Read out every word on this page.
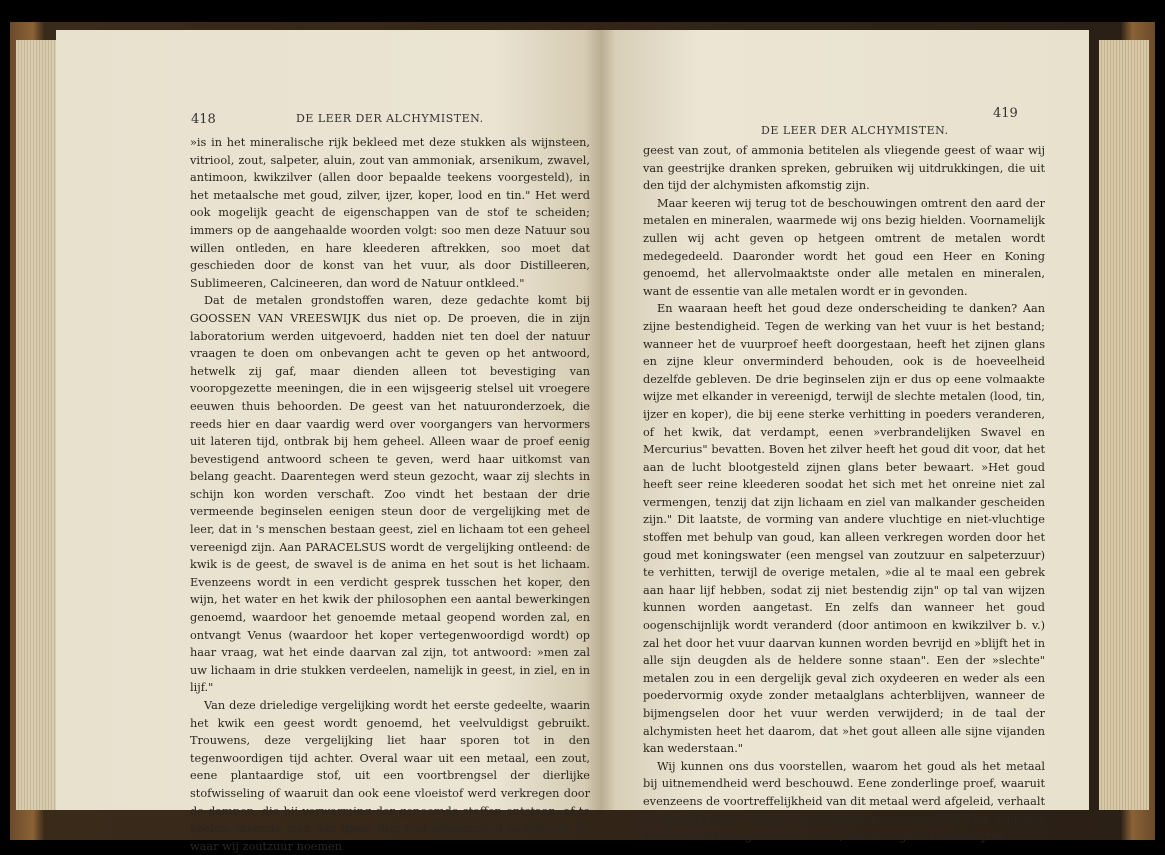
418	DE LEER DER ALCHYMISTEN.

»is in het mineralische rijk bekleed met deze stukken als wijnsteen, vitriool, zout, salpeter, aluin, zout van ammoniak, arsenikum, zwavel, antimoon, kwikzilver (allen door bepaalde teekens voorgesteld), in het metaalsche met goud, zilver, ijzer, koper, lood en tin." Het werd ook mogelijk geacht de eigenschappen van de stof te scheiden; immers op de aangehaalde woorden volgt: soo men deze Natuur sou willen ontleden, en hare kleederen aftrekken, soo moet dat geschieden door de konst van het vuur, als door Distilleeren, Sublimeeren, Calcineeren, dan word de Natuur ontkleed."

Dat de metalen grondstoffen waren, deze gedachte komt bij GOOSSEN VAN VREESWIJK dus niet op. De proeven, die in zijn laboratorium werden uitgevoerd, hadden niet ten doel der natuur vraagen te doen om onbevangen acht te geven op het antwoord, hetwelk zij gaf, maar dienden alleen tot bevestiging van vooropgezette meeningen, die in een wijsgeerig stelsel uit vroegere eeuwen thuis behoorden. De geest van het natuuronderzoek, die reeds hier en daar vaardig werd over voorgangers van hervormers uit lateren tijd, ontbrak bij hem geheel. Alleen waar de proef eenig bevestigend antwoord scheen te geven, werd haar uitkomst van belang geacht. Daarentegen werd steun gezocht, waar zij slechts in schijn kon worden verschaft. Zoo vindt het bestaan der drie vermeende beginselen eenigen steun door de vergelijking met de leer, dat in 's menschen bestaan geest, ziel en lichaam tot een geheel vereenigd zijn. Aan PARACELSUS wordt de vergelijking ontleend: de kwik is de geest, de swavel is de anima en het sout is het lichaam. Evenzeens wordt in een verdicht gesprek tusschen het koper, den wijn, het water en het kwik der philosophen een aantal bewerkingen genoemd, waardoor het genoemde metaal geopend worden zal, en ontvangt Venus (waardoor het koper vertegenwoordigd wordt) op haar vraag, wat het einde daarvan zal zijn, tot antwoord: »men zal uw lichaam in drie stukken verdeelen, namelijk in geest, in ziel, en in lijf."

Van deze drieledige vergelijking wordt het eerste gedeelte, waarin het kwik een geest wordt genoemd, het veelvuldigst gebruikt. Trouwens, deze vergelijking liet haar sporen tot in den tegenwoordigen tijd achter. Overal waar uit een metaal, een zout, eene plantaardige stof, uit een voortbrengsel der dierlijke stofwisseling of waaruit dan ook eene vloeistof werd verkregen door de dampen, die bij verwarming der genoemde stoffen ontstaan, af te koelen, meende men den geest dier stof afgezonderd te hebben. En waar wij zoutzuur noemen

DE LEER DER ALCHYMISTEN.
419

geest van zout, of ammonia betitelen als vliegende geest of waar wij van geestrijke dranken spreken, gebruiken wij uitdrukkingen, die uit den tijd der alchymisten afkomstig zijn.

Maar keeren wij terug tot de beschouwingen omtrent den aard der metalen en mineralen, waarmede wij ons bezig hielden. Voornamelijk zullen wij acht geven op hetgeen omtrent de metalen wordt medegedeeld. Daaronder wordt het goud een Heer en Koning genoemd, het allervolmaaktste onder alle metalen en mineralen, want de essentie van alle metalen wordt er in gevonden.

En waaraan heeft het goud deze onderscheiding te danken? Aan zijne bestendigheid. Tegen de werking van het vuur is het bestand; wanneer het de vuurproef heeft doorgestaan, heeft het zijnen glans en zijne kleur onverminderd behouden, ook is de hoeveelheid dezelfde gebleven. De drie beginselen zijn er dus op eene volmaakte wijze met elkander in vereenigd, terwijl de slechte metalen (lood, tin, ijzer en koper), die bij eene sterke verhitting in poeders veranderen, of het kwik, dat verdampt, eenen »verbrandelijken Swavel en Mercurius" bevatten. Boven het zilver heeft het goud dit voor, dat het aan de lucht blootgesteld zijnen glans beter bewaart. »Het goud heeft seer reine kleederen soodat het sich met het onreine niet zal vermengen, tenzij dat zijn lichaam en ziel van malkander gescheiden zijn." Dit laatste, de vorming van andere vluchtige en niet-vluchtige stoffen met behulp van goud, kan alleen verkregen worden door het goud met koningswater (een mengsel van zoutzuur en salpeterzuur) te verhitten, terwijl de overige metalen, »die al te maal een gebrek aan haar lijf hebben, sodat zij niet bestendig zijn" op tal van wijzen kunnen worden aangetast. En zelfs dan wanneer het goud oogenschijnlijk wordt veranderd (door antimoon en kwikzilver b. v.) zal het door het vuur daarvan kunnen worden bevrijd en »blijft het in alle sijn deugden als de heldere sonne staan". Een der »slechte" metalen zou in een dergelijk geval zich oxydeeren en weder als een poedervormig oxyde zonder metaalglans achterblijven, wanneer de bijmengselen door het vuur werden verwijderd; in de taal der alchymisten heet het daarom, dat »het gout alleen alle sijne vijanden kan wederstaan."

Wij kunnen ons dus voorstellen, waarom het goud als het metaal bij uitnemendheid werd beschouwd. Eene zonderlinge proef, waaruit evenzeens de voortreffelijkheid van dit metaal werd afgeleid, verhaalt de Gaude Leeuw of den Asijn der Wijsen op bladz. 190. Den schrijver komt in Indië het gerucht ter oore, dat de vogel struis het ijzer
